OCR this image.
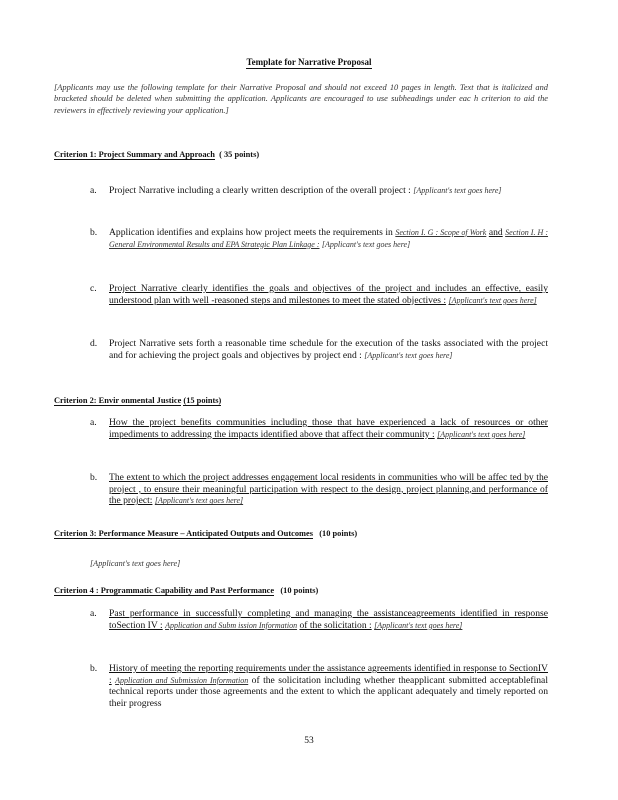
Template for Narrative Proposal
[Applicants may use the following template for their Narrative Proposal and should not exceed 10 pages in length. Text that is italicized and bracketed should be deleted when submitting the application. Applicants are encouraged to use subheadings under eac h criterion to aid the reviewers in effectively reviewing your application.]
Criterion 1: Project Summary and Approach ( 35 points)
a.	Project Narrative including a clearly written description of the overall project : [Applicant's text goes here]
b.	Application identifies and explains how project meets the requirements in Section I. G : Scope of Work and Section I. H : General Environmental Results and EPA Strategic Plan Linkage : [Applicant's text goes here]
c.	Project Narrative clearly identifies the goals and objectives of the project and includes an effective, easily understood plan with well -reasoned steps and milestones to meet the stated objectives : [Applicant's text goes here]
d.	Project Narrative sets forth a reasonable time schedule for the execution of the tasks associated with the project and for achieving the project goals and objectives by project end : [Applicant's text goes here]
Criterion 2: Envir onmental Justice (15 points)
a.	How the project benefits communities including those that have experienced a lack of resources or other impediments to addressing the impacts identified above that affect their community : [Applicant's text goes here]
b.	The extent to which the project addresses engagement local residents in communities who will be affec ted by the project , to ensure their meaningful participation with respect to the design, project planning,and performance of the project: [Applicant's text goes here]
Criterion 3: Performance Measure – Anticipated Outputs and Outcomes (10 points)
[Applicant's text goes here]
Criterion 4 : Programmatic Capability and Past Performance (10 points)
a.	Past performance in successfully completing and managing the assistanceagreements identified in response toSection IV : Application and Subm ission Information of the solicitation : [Applicant's text goes here]
b.	History of meeting the reporting requirements under the assistance agreements identified in response to SectionIV : Application and Submission Information of the solicitation including whether theapplicant submitted acceptablefinal technical reports under those agreements and the extent to which the applicant adequately and timely reported on their progress
53
